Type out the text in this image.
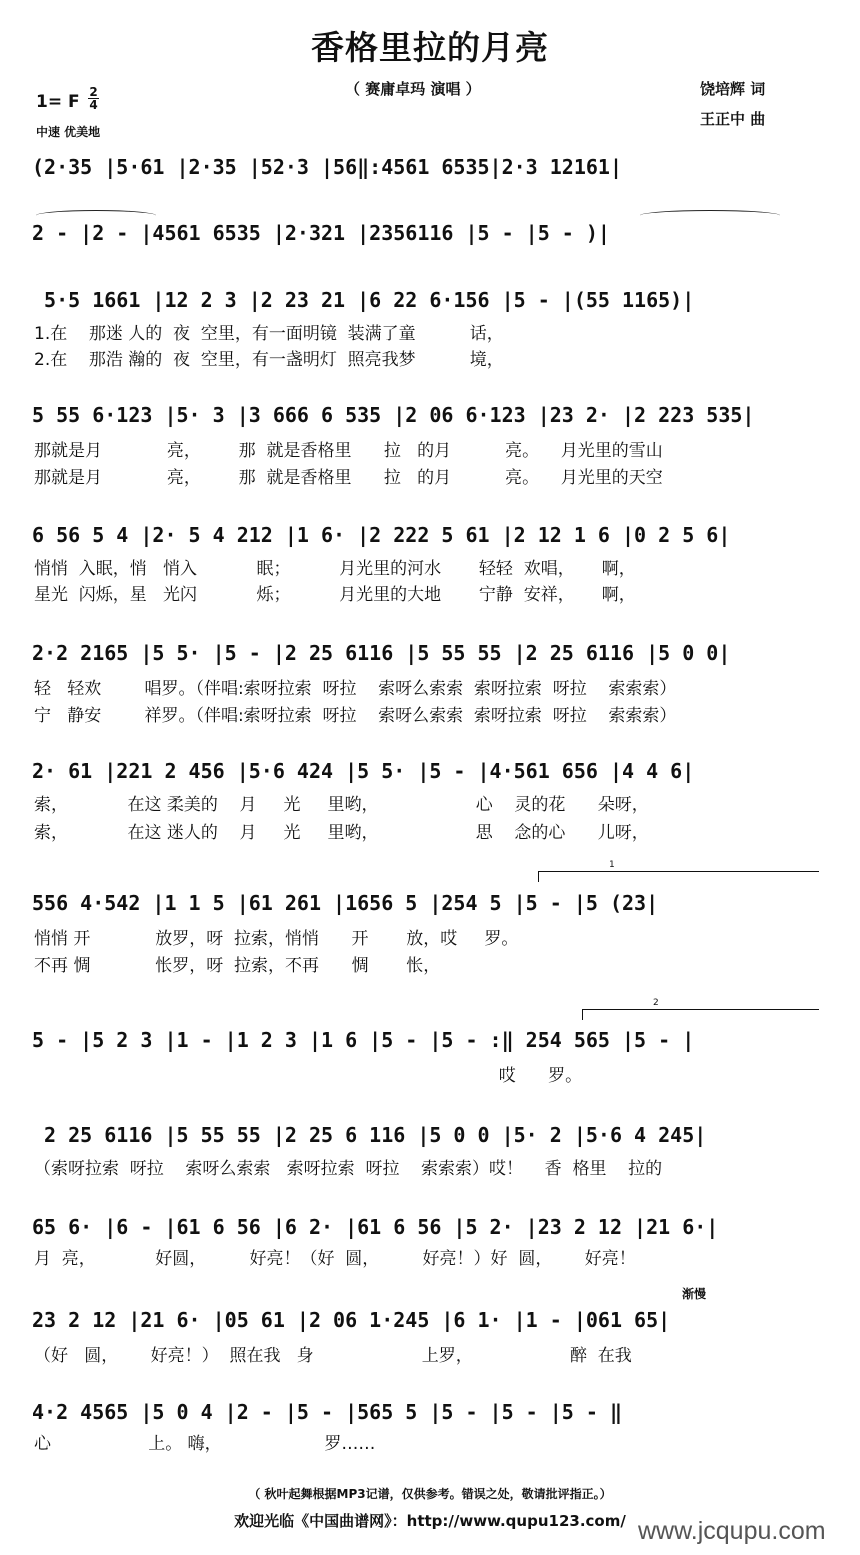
香格里拉的月亮
（ 赛庸卓玛 演唱 ）
1= F 2
4
中速 优美地
饶培辉 词
王正中 曲
(2·35 |5·61 |2·35 |52·3 |56‖:4561 6535|2·3 12161|
2 - |2 - |4561 6535 |2·321 |2356116 |5 - |5 - )|
5·5 1661 |12 2 3 |2 23 21 |6 22 6·156 |5 - |(55 1165)|
1.在    那迷 人的  夜  空里，有一面明镜  装满了童          话，
2.在    那浩 瀚的  夜  空里，有一盏明灯  照亮我梦          境，
5 55 6·123 |5· 3 |3 666 6 535 |2 06 6·123 |23 2· |2 223 535|
那就是月            亮，       那  就是香格里      拉   的月          亮。    月光里的雪山
那就是月            亮，       那  就是香格里      拉   的月          亮。    月光里的天空
6 56 5 4 |2· 5 4 212 |1 6· |2 222 5 61 |2 12 1 6 |0 2 5 6|
悄悄  入眠，悄   悄入           眠；         月光里的河水       轻轻  欢唱，     啊，
星光  闪烁，星   光闪           烁；         月光里的大地       宁静  安祥，     啊，
2·2 2165 |5 5· |5 - |2 25 6116 |5 55 55 |2 25 6116 |5 0 0|
轻   轻欢        唱罗。（伴唱:索呀拉索  呀拉    索呀么索索  索呀拉索  呀拉    索索索）
宁   静安        祥罗。（伴唱:索呀拉索  呀拉    索呀么索索  索呀拉索  呀拉    索索索）
2· 61 |221 2 456 |5·6 424 |5 5· |5 - |4·561 656 |4 4 6|
索，           在这 柔美的    月     光     里哟，                  心    灵的花      朵呀，
索，           在这 迷人的    月     光     里哟，                  思    念的心      儿呀，
1
556 4·542 |1 1 5 |61 261 |1656 5 |254 5 |5 - |5 (23|
悄悄 开            放罗，呀  拉索，悄悄      开       放，哎     罗。
不再 惆            怅罗，呀  拉索，不再      惆       怅，
2
5 - |5 2 3 |1 - |1 2 3 |1 6 |5 - |5 - :‖ 254 565 |5 - |
哎      罗。
2 25 6116 |5 55 55 |2 25 6 116 |5 0 0 |5· 2 |5·6 4 245|
（索呀拉索  呀拉    索呀么索索   索呀拉索  呀拉    索索索）哎！    香  格里    拉的
65 6· |6 - |61 6 56 |6 2· |61 6 56 |5 2· |23 2 12 |21 6·|
月  亮，           好圆，        好亮！（好  圆，        好亮！）好  圆，      好亮！
渐慢
23 2 12 |21 6· |05 61 |2 06 1·245 |6 1· |1 - |061 65|
（好   圆，      好亮！）  照在我   身                    上罗，                  醉  在我
4·2 4565 |5 0 4 |2 - |5 - |565 5 |5 - |5 - |5 - ‖
心                  上。 嗨，                   罗……
（ 秋叶起舞根据MP3记谱，仅供参考。错误之处，敬请批评指正。）
欢迎光临《中国曲谱网》：http://www.qupu123.com/ www.jcqupu.com
